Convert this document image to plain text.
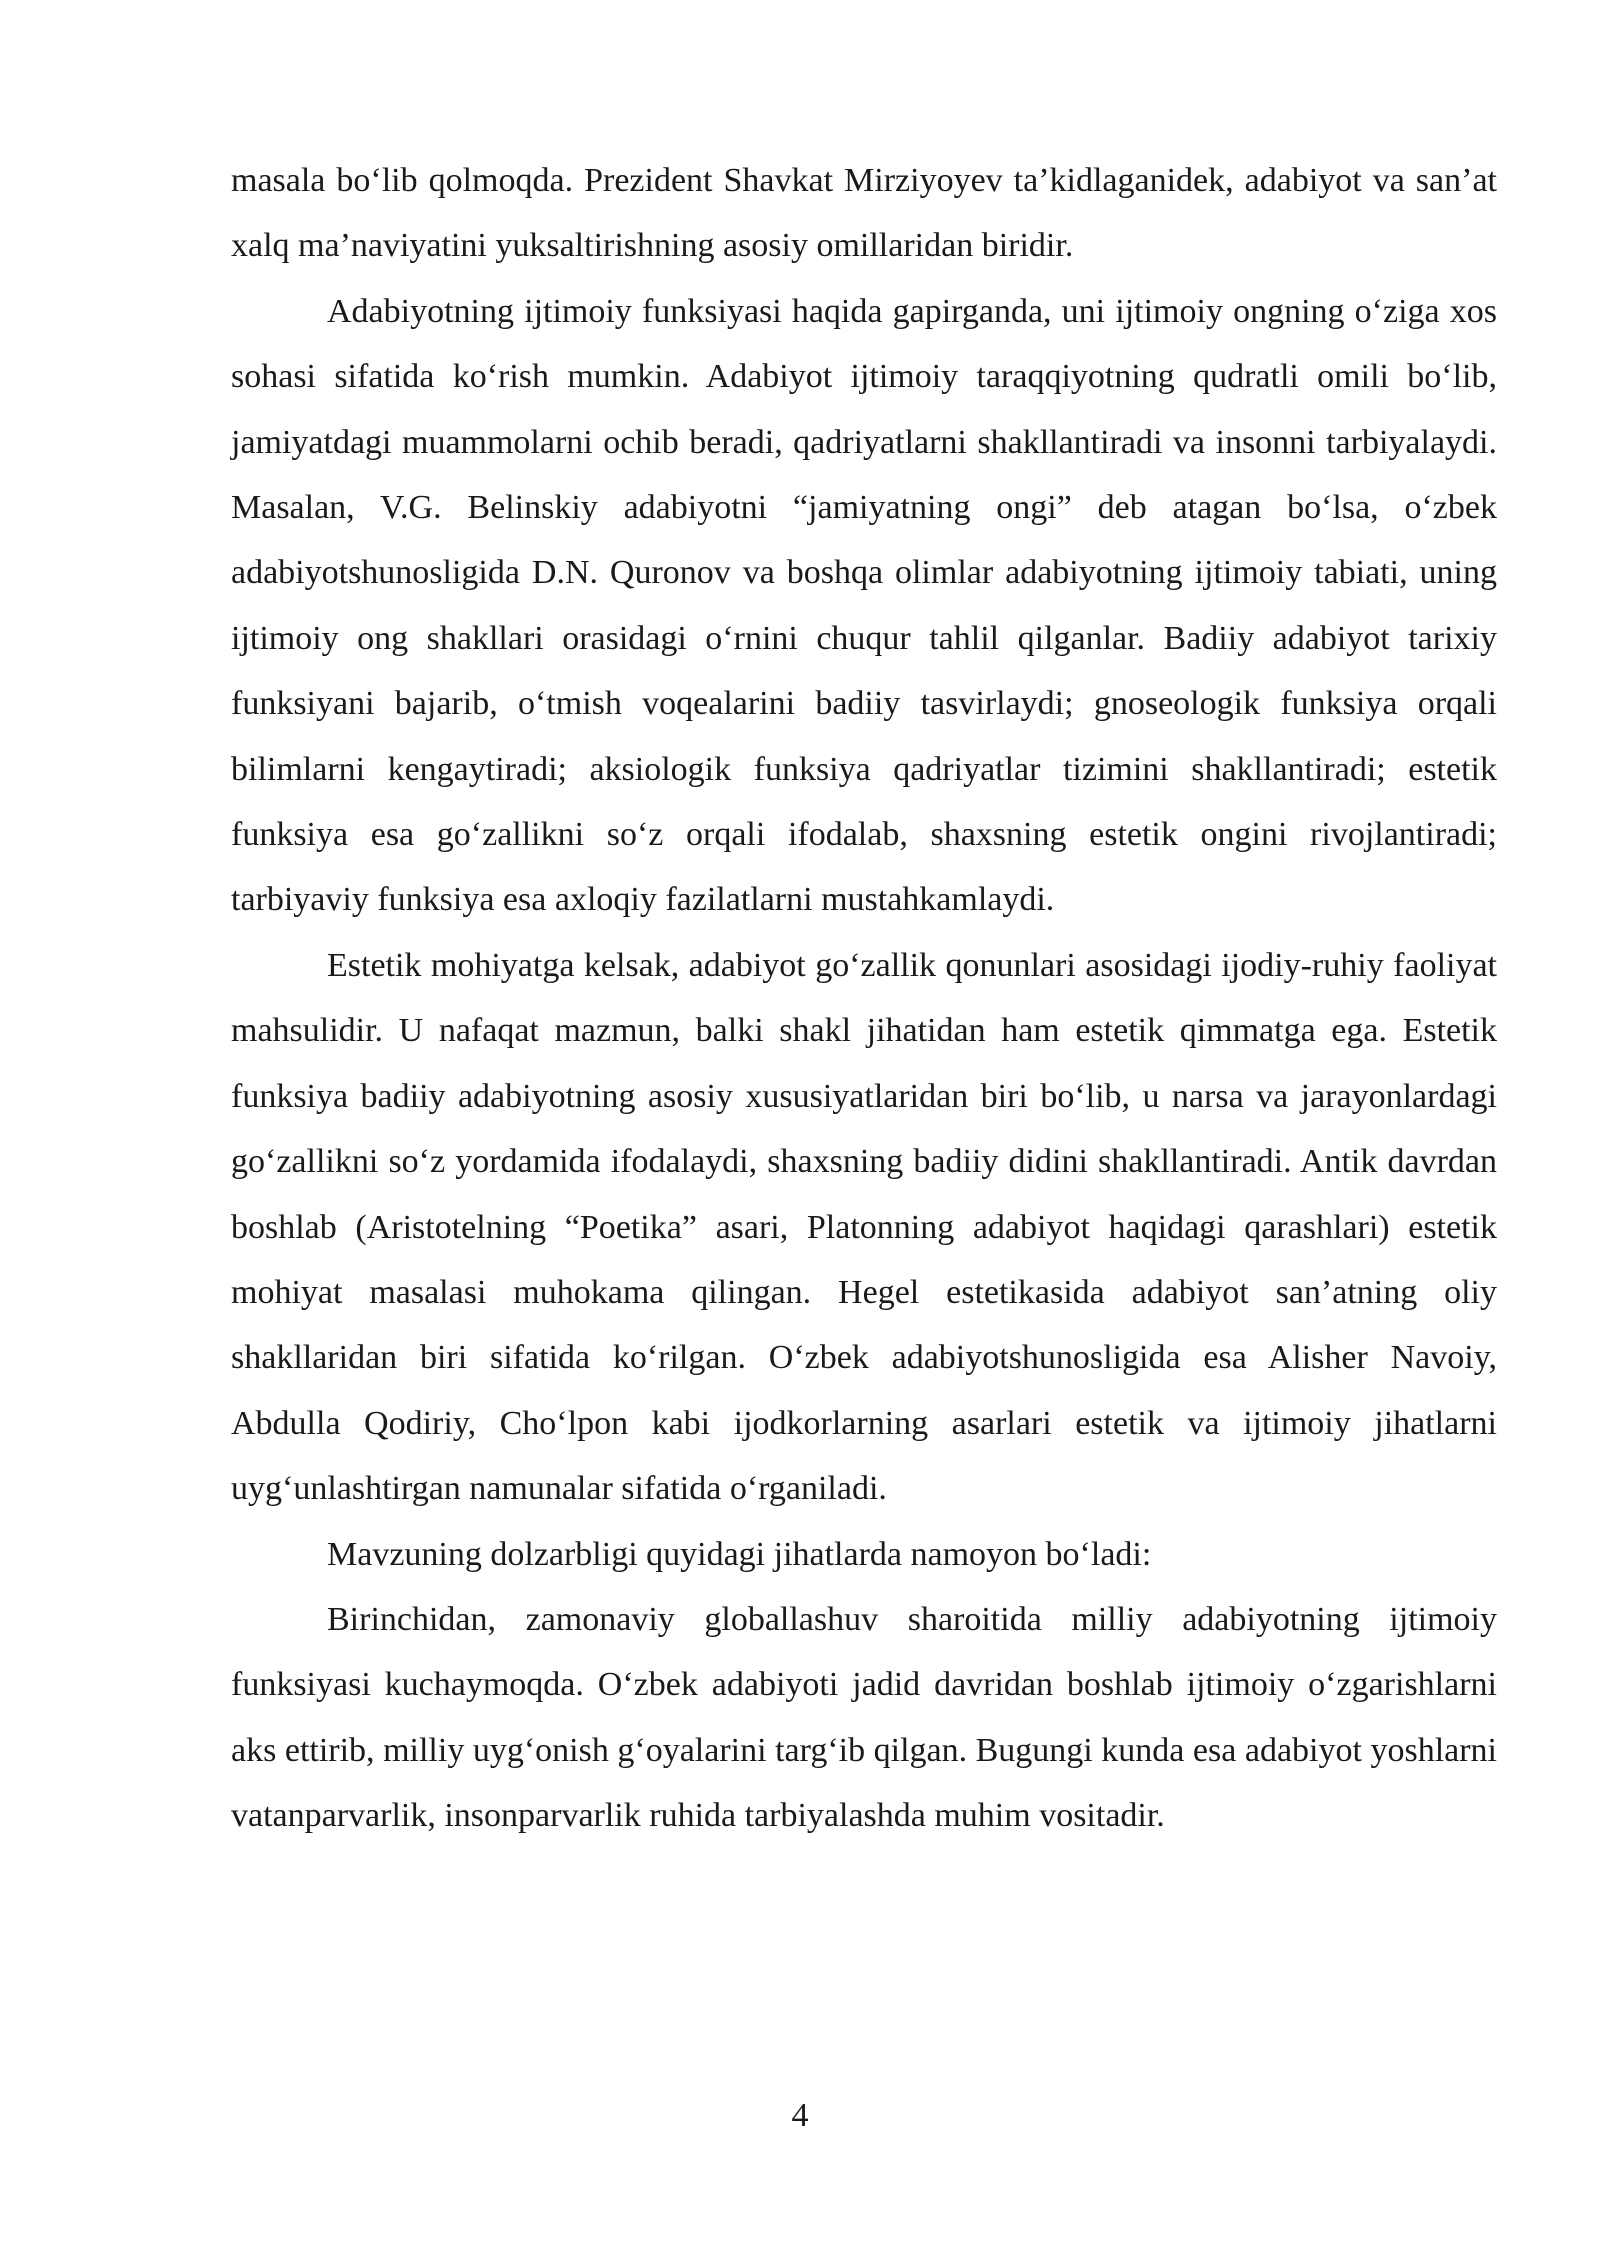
masala bo‘lib qolmoqda. Prezident Shavkat Mirziyoyev ta’kidlaganidek, adabiyot va san’at xalq ma’naviyatini yuksaltirishning asosiy omillaridan biridir.

Adabiyotning ijtimoiy funksiyasi haqida gapirganda, uni ijtimoiy ongning o‘ziga xos sohasi sifatida ko‘rish mumkin. Adabiyot ijtimoiy taraqqiyotning qudratli omili bo‘lib, jamiyatdagi muammolarni ochib beradi, qadriyatlarni shakllantiradi va insonni tarbiyalaydi. Masalan, V.G. Belinskiy adabiyotni “jamiyatning ongi” deb atagan bo‘lsa, o‘zbek adabiyotshunosligida D.N. Quronov va boshqa olimlar adabiyotning ijtimoiy tabiati, uning ijtimoiy ong shakllari orasidagi o‘rnini chuqur tahlil qilganlar. Badiiy adabiyot tarixiy funksiyani bajarib, o‘tmish voqealarini badiiy tasvirlaydi; gnoseologik funksiya orqali bilimlarni kengaytiradi; aksiologik funksiya qadriyatlar tizimini shakllantiradi; estetik funksiya esa go‘zallikni so‘z orqali ifodalab, shaxsning estetik ongini rivojlantiradi; tarbiyaviy funksiya esa axloqiy fazilatlarni mustahkamlaydi.

Estetik mohiyatga kelsak, adabiyot go‘zallik qonunlari asosidagi ijodiy-ruhiy faoliyat mahsulidir. U nafaqat mazmun, balki shakl jihatidan ham estetik qimmatga ega. Estetik funksiya badiiy adabiyotning asosiy xususiyatlaridan biri bo‘lib, u narsa va jarayonlardagi go‘zallikni so‘z yordamida ifodalaydi, shaxsning badiiy didini shakllantiradi. Antik davrdan boshlab (Aristotelning “Poetika” asari, Platonning adabiyot haqidagi qarashlari) estetik mohiyat masalasi muhokama qilingan. Hegel estetikasida adabiyot san’atning oliy shakllaridan biri sifatida ko‘rilgan. O‘zbek adabiyotshunosligida esa Alisher Navoiy, Abdulla Qodiriy, Cho‘lpon kabi ijodkorlarning asarlari estetik va ijtimoiy jihatlarni uyg‘unlashtirgan namunalar sifatida o‘rganiladi.

Mavzuning dolzarbligi quyidagi jihatlarda namoyon bo‘ladi:

Birinchidan, zamonaviy globallashuv sharoitida milliy adabiyotning ijtimoiy funksiyasi kuchaymoqda. O‘zbek adabiyoti jadid davridan boshlab ijtimoiy o‘zgarishlarni aks ettirib, milliy uyg‘onish g‘oyalarini targ‘ib qilgan. Bugungi kunda esa adabiyot yoshlarni vatanparvarlik, insonparvarlik ruhida tarbiyalashda muhim vositadir.

4
